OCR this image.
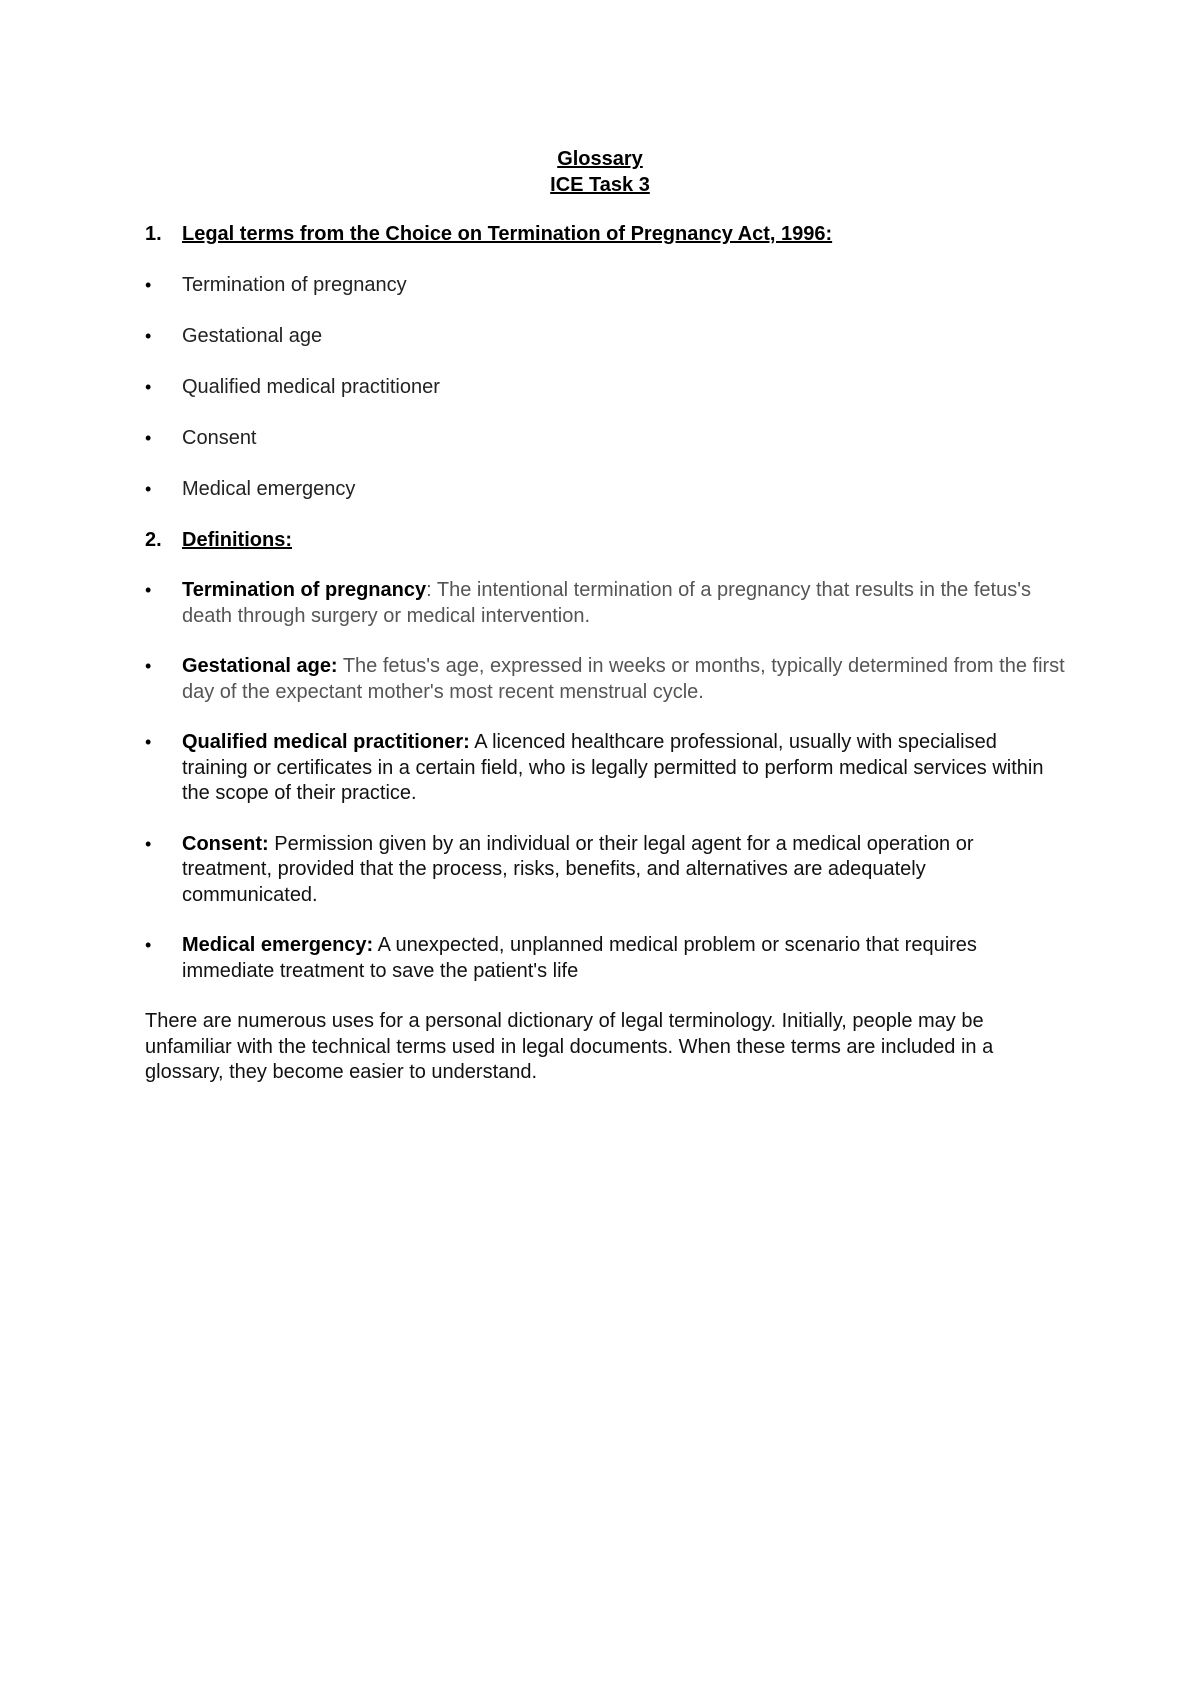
Glossary
ICE Task 3
1.	Legal terms from the Choice on Termination of Pregnancy Act, 1996:
•	Termination of pregnancy
•	Gestational age
•	Qualified medical practitioner
•	Consent
•	Medical emergency
2.	Definitions:
•	Termination of pregnancy: The intentional termination of a pregnancy that results in the fetus's death through surgery or medical intervention.
•	Gestational age: The fetus's age, expressed in weeks or months, typically determined from the first day of the expectant mother's most recent menstrual cycle.
•	Qualified medical practitioner: A licenced healthcare professional, usually with specialised training or certificates in a certain field, who is legally permitted to perform medical services within the scope of their practice.
•	Consent: Permission given by an individual or their legal agent for a medical operation or treatment, provided that the process, risks, benefits, and alternatives are adequately communicated.
•	Medical emergency: A unexpected, unplanned medical problem or scenario that requires immediate treatment to save the patient's life
There are numerous uses for a personal dictionary of legal terminology. Initially, people may be unfamiliar with the technical terms used in legal documents. When these terms are included in a glossary, they become easier to understand.
